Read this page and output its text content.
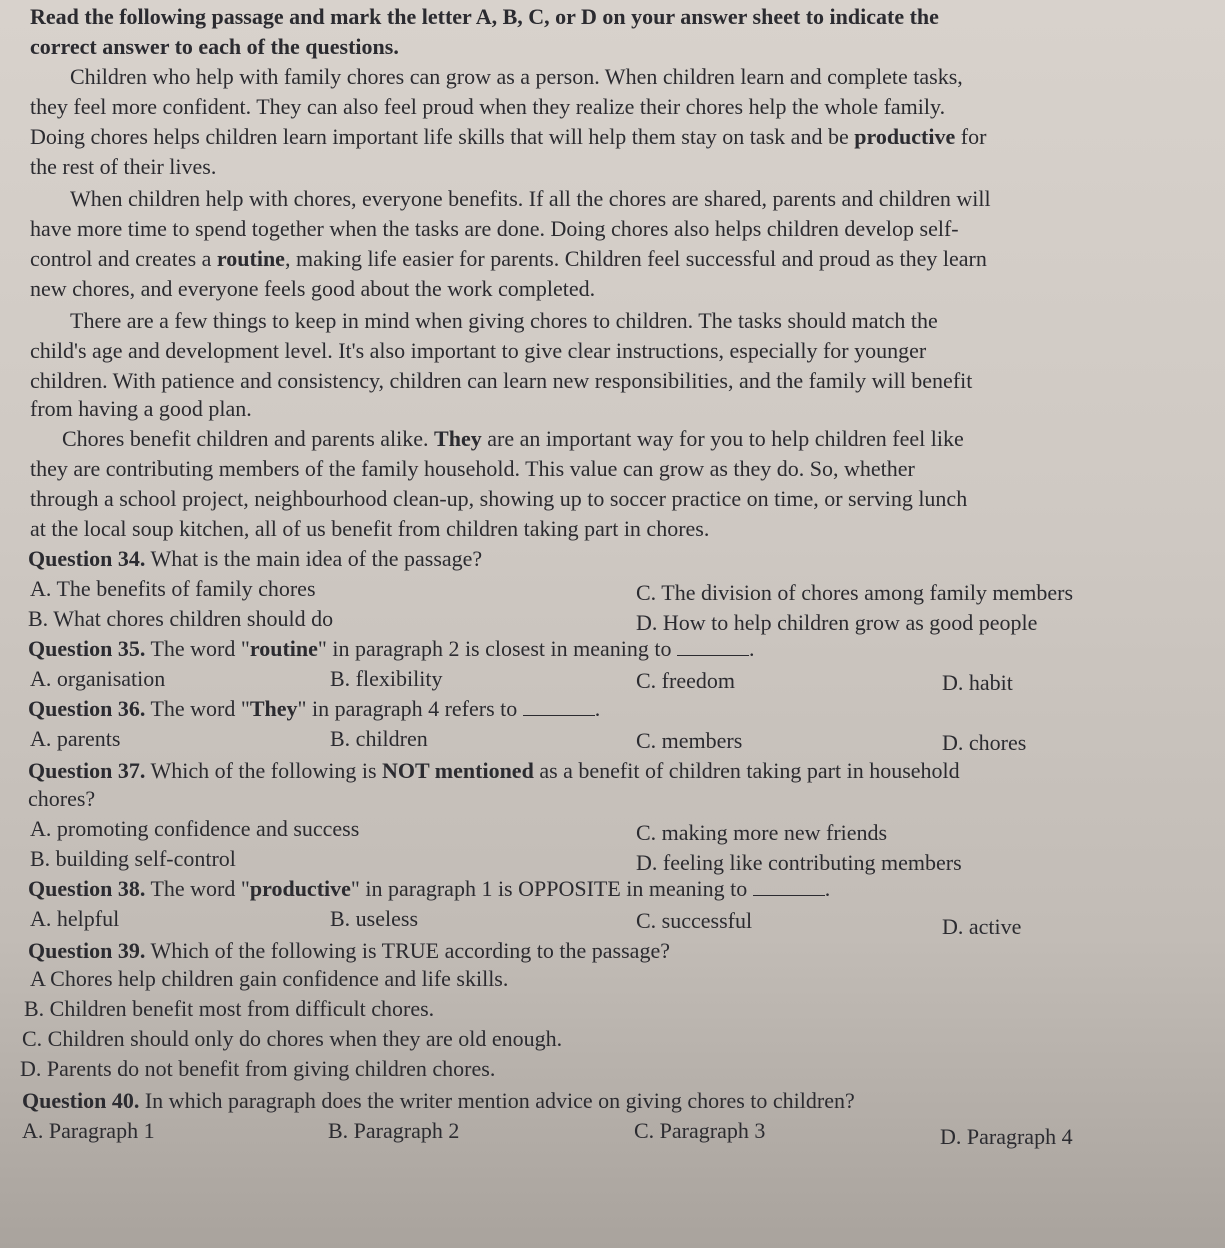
Read the following passage and mark the letter A, B, C, or D on your answer sheet to indicate the
correct answer to each of the questions.
Children who help with family chores can grow as a person. When children learn and complete tasks,
they feel more confident. They can also feel proud when they realize their chores help the whole family.
Doing chores helps children learn important life skills that will help them stay on task and be productive for
the rest of their lives.
When children help with chores, everyone benefits. If all the chores are shared, parents and children will
have more time to spend together when the tasks are done. Doing chores also helps children develop self-
control and creates a routine, making life easier for parents. Children feel successful and proud as they learn
new chores, and everyone feels good about the work completed.
There are a few things to keep in mind when giving chores to children. The tasks should match the
child's age and development level. It's also important to give clear instructions, especially for younger
children. With patience and consistency, children can learn new responsibilities, and the family will benefit
from having a good plan.
Chores benefit children and parents alike. They are an important way for you to help children feel like
they are contributing members of the family household. This value can grow as they do. So, whether
through a school project, neighbourhood clean-up, showing up to soccer practice on time, or serving lunch
at the local soup kitchen, all of us benefit from children taking part in chores.
Question 34. What is the main idea of the passage?
A. The benefits of family chores	C. The division of chores among family members
B. What chores children should do	D. How to help children grow as good people
Question 35. The word "routine" in paragraph 2 is closest in meaning to	.
A. organisation	B. flexibility	C. freedom	D. habit
Question 36. The word "They" in paragraph 4 refers to	.
A. parents	B. children	C. members	D. chores
Question 37. Which of the following is NOT mentioned as a benefit of children taking part in household
chores?
A. promoting confidence and success	C. making more new friends
B. building self-control	D. feeling like contributing members
Question 38. The word "productive" in paragraph 1 is OPPOSITE in meaning to	.
A. helpful	B. useless	C. successful	D. active
Question 39. Which of the following is TRUE according to the passage?
A Chores help children gain confidence and life skills.
B. Children benefit most from difficult chores.
C. Children should only do chores when they are old enough.
D. Parents do not benefit from giving children chores.
Question 40. In which paragraph does the writer mention advice on giving chores to children?
A. Paragraph 1	B. Paragraph 2	C. Paragraph 3	D. Paragraph 4
